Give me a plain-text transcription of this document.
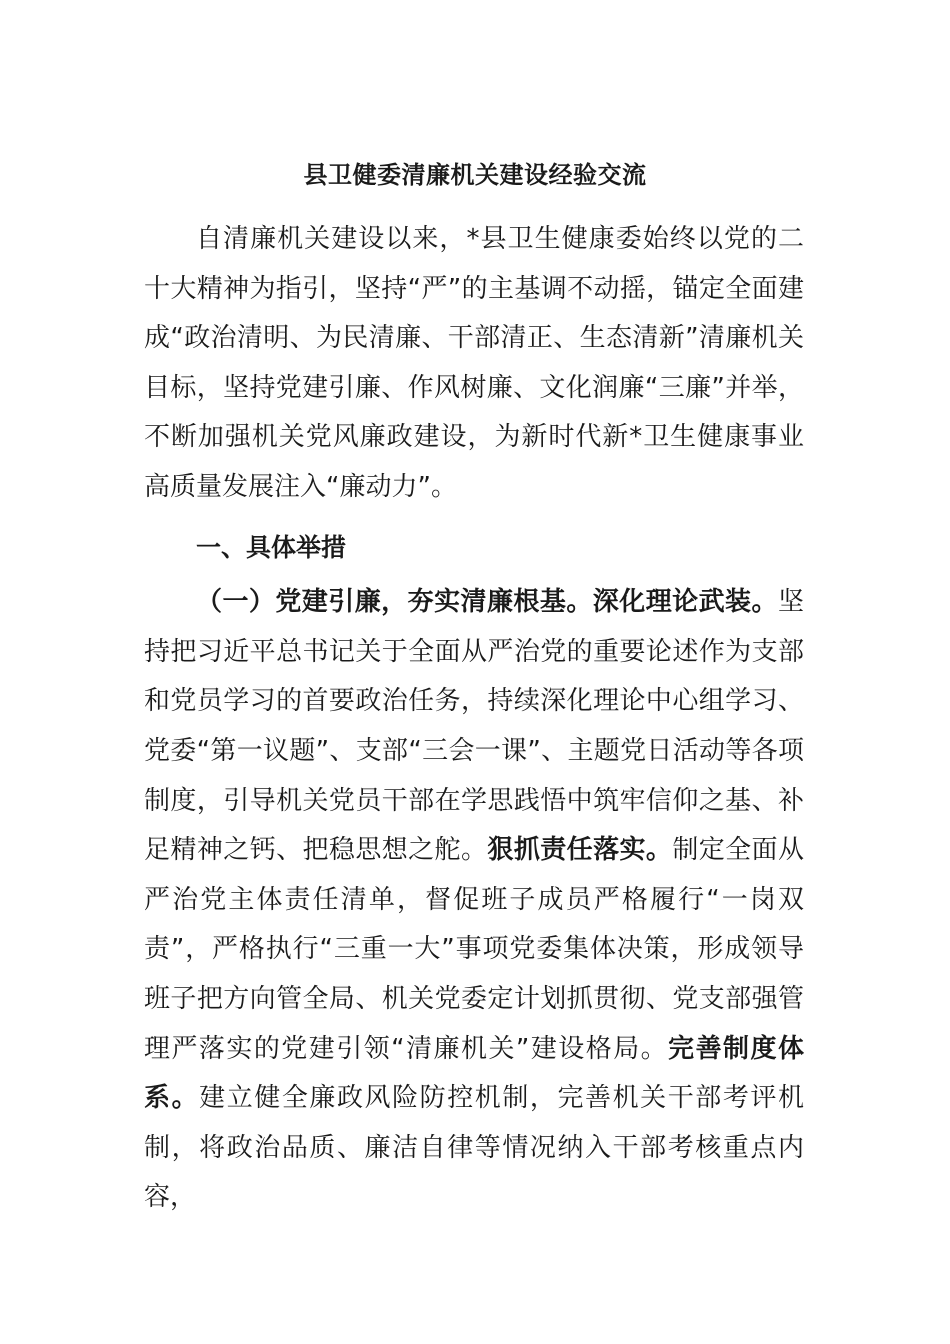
县卫健委清廉机关建设经验交流

自清廉机关建设以来，*县卫生健康委始终以党的二十大精神为指引，坚持“严”的主基调不动摇，锚定全面建成“政治清明、为民清廉、干部清正、生态清新”清廉机关目标，坚持党建引廉、作风树廉、文化润廉“三廉”并举，不断加强机关党风廉政建设，为新时代新*卫生健康事业高质量发展注入“廉动力”。

一、具体举措

（一）党建引廉，夯实清廉根基。深化理论武装。坚持把习近平总书记关于全面从严治党的重要论述作为支部和党员学习的首要政治任务，持续深化理论中心组学习、党委“第一议题”、支部“三会一课”、主题党日活动等各项制度，引导机关党员干部在学思践悟中筑牢信仰之基、补足精神之钙、把稳思想之舵。狠抓责任落实。制定全面从严治党主体责任清单，督促班子成员严格履行“一岗双责”，严格执行“三重一大”事项党委集体决策，形成领导班子把方向管全局、机关党委定计划抓贯彻、党支部强管理严落实的党建引领“清廉机关”建设格局。完善制度体系。建立健全廉政风险防控机制，完善机关干部考评机制，将政治品质、廉洁自律等情况纳入干部考核重点内容，
